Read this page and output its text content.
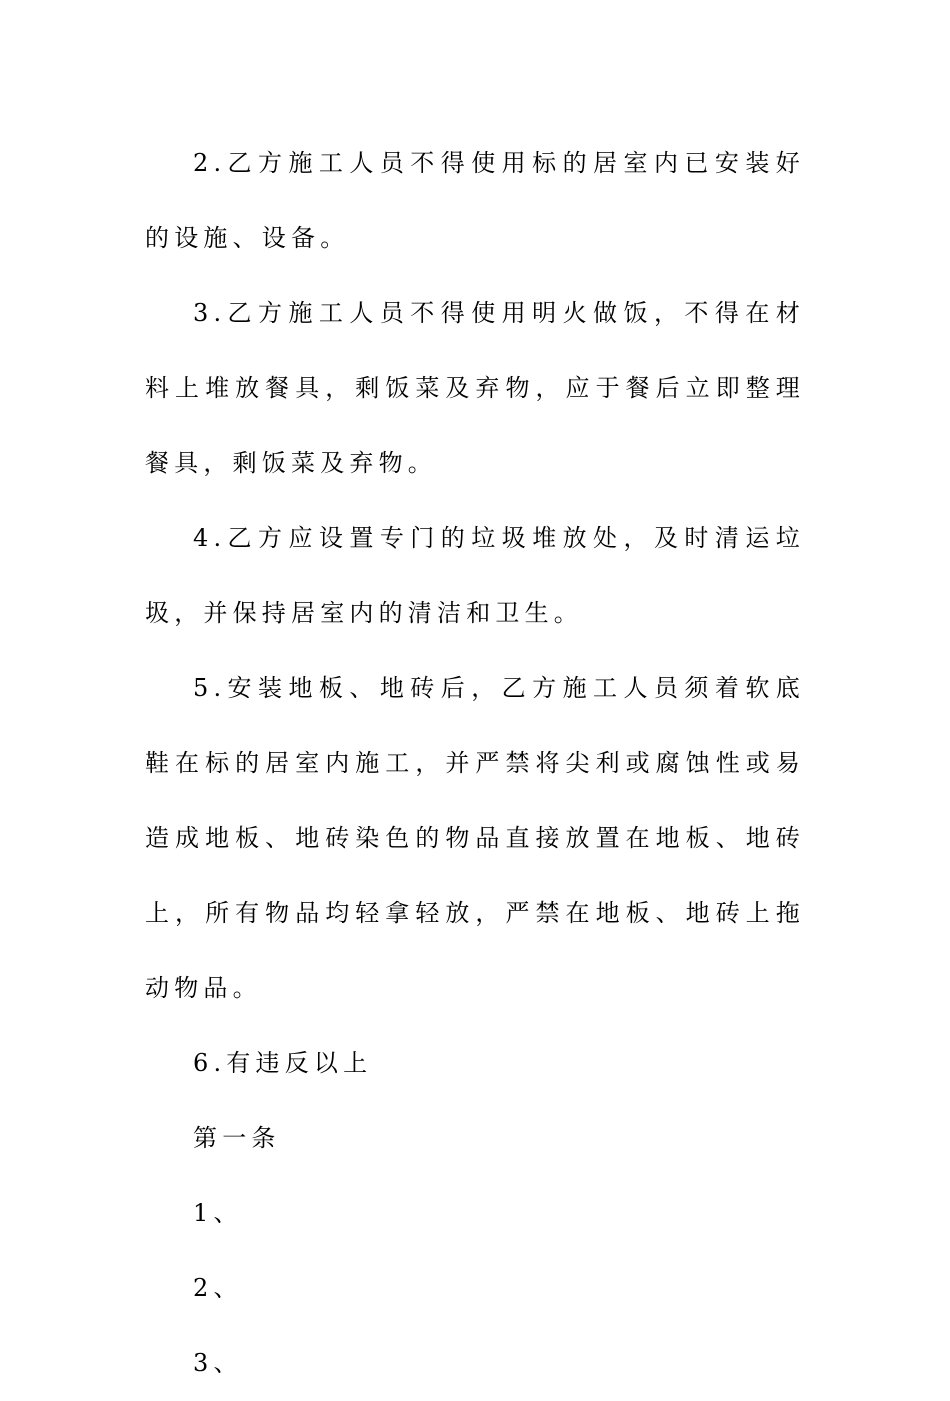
2.乙方施工人员不得使用标的居室内已安装好的设施、设备。

3.乙方施工人员不得使用明火做饭，不得在材料上堆放餐具，剩饭菜及弃物，应于餐后立即整理餐具，剩饭菜及弃物。

4.乙方应设置专门的垃圾堆放处，及时清运垃圾，并保持居室内的清洁和卫生。

5.安装地板、地砖后，乙方施工人员须着软底鞋在标的居室内施工，并严禁将尖利或腐蚀性或易造成地板、地砖染色的物品直接放置在地板、地砖上，所有物品均轻拿轻放，严禁在地板、地砖上拖动物品。

6.有违反以上

第一条

1、

2、

3、
